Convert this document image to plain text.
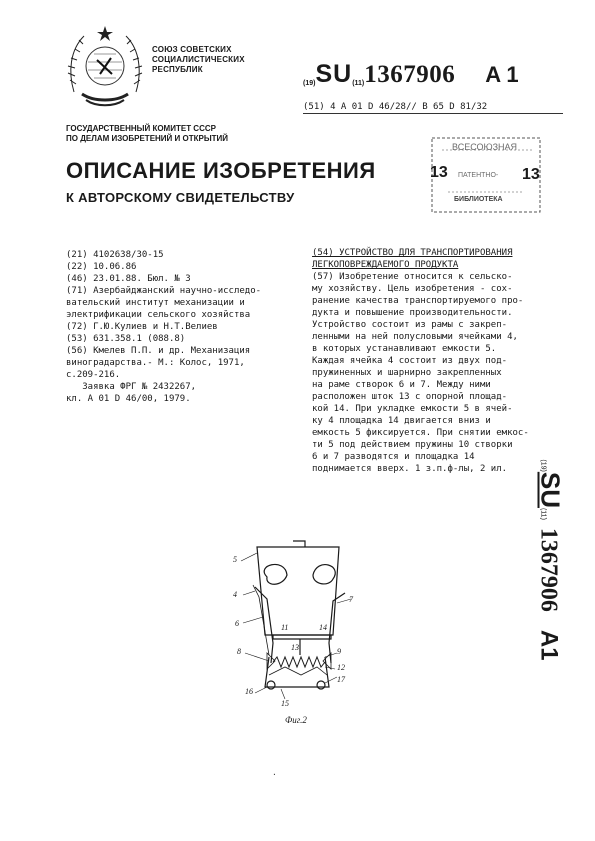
СОЮЗ СОВЕТСКИХ
СОЦИАЛИСТИЧЕСКИХ
РЕСПУБЛИК
(19)SU(11)1367906 A 1
(51) 4 A 01 D 46/28// B 65 D 81/32
ГОСУДАРСТВЕННЫЙ КОМИТЕТ СССР
ПО ДЕЛАМ ИЗОБРЕТЕНИЙ И ОТКРЫТИЙ
ВСЕСОЮЗНАЯ
13 ПАТЕНТНО- 13
БИБЛИОТЕКА
ОПИСАНИЕ ИЗОБРЕТЕНИЯ
К АВТОРСКОМУ СВИДЕТЕЛЬСТВУ
(21) 4102638/30-15
(22) 10.06.86
(46) 23.01.88. Бюл. № 3
(71) Азербайджанский научно-исследо-
вательский институт механизации и
электрификации сельского хозяйства
(72) Г.Ю.Кулиев и Н.Т.Велиев
(53) 631.358.1 (088.8)
(56) Кмелев П.П. и др. Механизация
виноградарства.- М.: Колос, 1971,
с.209-216.
Заявка ФРГ № 2432267,
кл. A 01 D 46/00, 1979.
(54) УСТРОЙСТВО ДЛЯ ТРАНСПОРТИРОВАНИЯ
ЛЕГКОПОВРЕЖДАЕМОГО ПРОДУКТА
(57) Изобретение относится к сельско-
му хозяйству. Цель изобретения - сох-
ранение качества транспортируемого про-
дукта и повышение производительности.
Устройство состоит из рамы с закреп-
ленными на ней полусловыми ячейками 4,
в которых устанавливают емкости 5.
Каждая ячейка 4 состоит из двух под-
пружиненных и шарнирно закрепленных
на раме створок 6 и 7. Между ними
расположен шток 13 с опорной площад-
кой 14. При укладке емкости 5 в ячей-
ку 4 площадка 14 двигается вниз и
емкость 5 фиксируется. При снятии емкос-
ти 5 под действием пружины 10 створки
6 и 7 разводятся и площадка 14
поднимается вверх. 1 з.п.ф-лы, 2 ил.	(19)SU(11)1367906A1
5
4
6
7
11	14
8	9
13
12
16
15
17
Фиг.2
.
